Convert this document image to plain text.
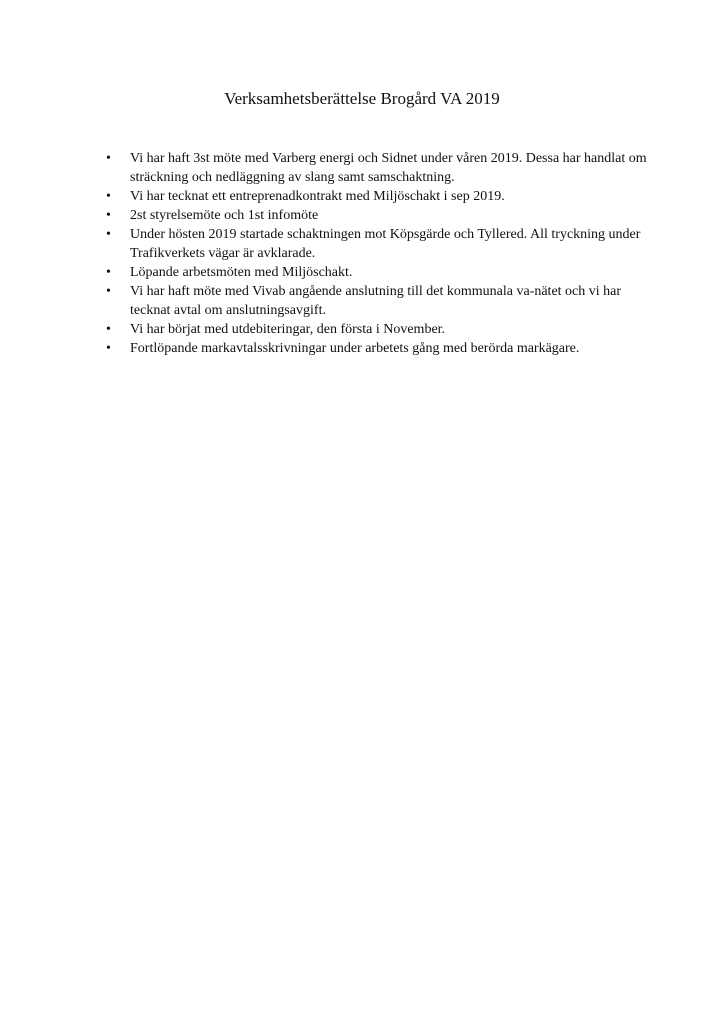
Verksamhetsberättelse Brogård VA 2019
• Vi har haft 3st möte med Varberg energi och Sidnet under våren 2019. Dessa har handlat om sträckning och nedläggning av slang samt samschaktning.
• Vi har tecknat ett entreprenadkontrakt med Miljöschakt i sep 2019.
• 2st styrelsemöte och 1st infomöte
• Under hösten 2019 startade schaktningen mot Köpsgärde och Tyllered. All tryckning under Trafikverkets vägar är avklarade.
• Löpande arbetsmöten med Miljöschakt.
• Vi har haft möte med Vivab angående anslutning till det kommunala va-nätet och vi har tecknat avtal om anslutningsavgift.
• Vi har börjat med utdebiteringar, den första i November.
• Fortlöpande markavtalsskrivningar under arbetets gång med berörda markägare.
